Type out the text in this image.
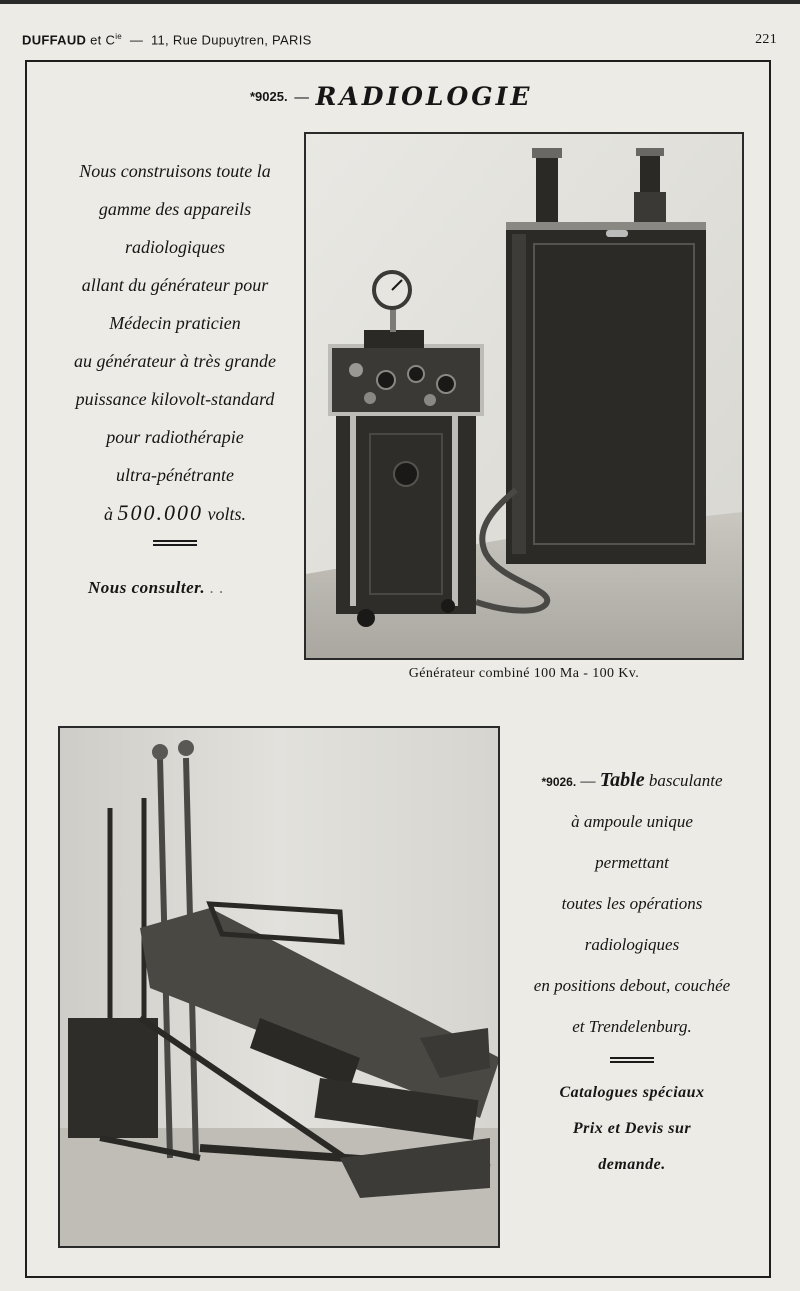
DUFFAUD et $C^{ie}$  —  11, Rue Dupuytren, PARIS	221
*9025. — RADIOLOGIE
Nous construisons toute la
gamme des appareils
radiologiques
allant du générateur pour
Médecin praticien
au générateur à très grande
puissance kilovolt-standard
pour radiothérapie
ultra-pénétrante
à 500.000 volts.
Nous consulter. . .
Générateur combiné 100 Ma - 100 Kv.
*9026. — Table basculante
à ampoule unique
permettant
toutes les opérations
radiologiques
en positions debout, couchée
et Trendelenburg.
Catalogues spéciaux
Prix et Devis sur
demande.
